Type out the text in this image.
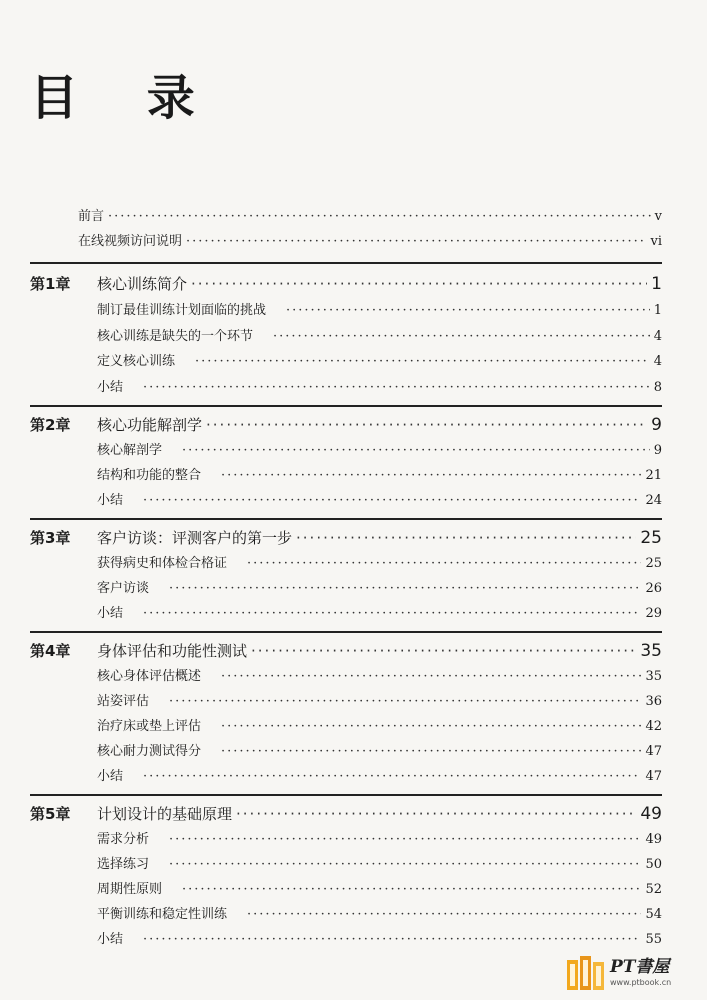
目 录
前言 ·····	v
在线视频访问说明 ·····	vi
第1章	核心训练简介 ·····	1
制订最佳训练计划面临的挑战 ·····	1
核心训练是缺失的一个环节 ·····	4
定义核心训练 ·····	4
小结 ·····	8
第2章	核心功能解剖学 ·····	9
核心解剖学 ·····	9
结构和功能的整合 ·····	21
小结 ·····	24
第3章	客户访谈：评测客户的第一步 ·····	25
获得病史和体检合格证 ·····	25
客户访谈 ·····	26
小结 ·····	29
第4章	身体评估和功能性测试 ·····	35
核心身体评估概述 ·····	35
站姿评估 ·····	36
治疗床或垫上评估 ·····	42
核心耐力测试得分 ·····	47
小结 ·····	47
第5章	计划设计的基础原理 ·····	49
需求分析 ·····	49
选择练习 ·····	50
周期性原则 ·····	52
平衡训练和稳定性训练 ·····	54
小结 ·····	55
PT書屋
www.ptbook.cn
